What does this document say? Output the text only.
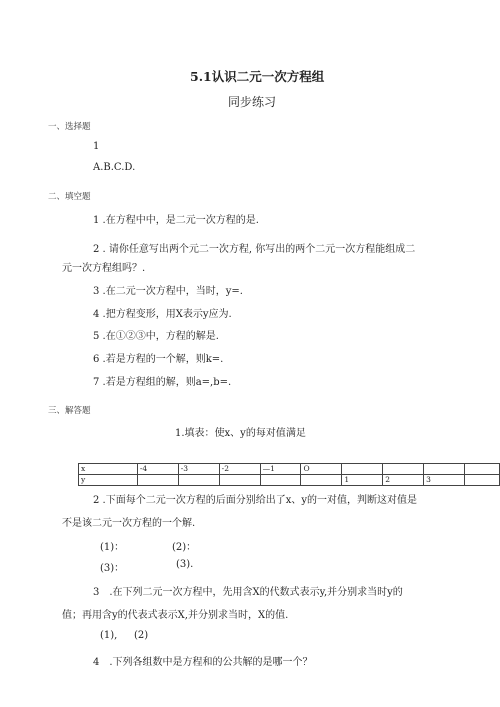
5.1认识二元一次方程组
同步练习
一、选择题
1
A.B.C.D.
二、填空题
1 .在方程中中，是二元一次方程的是.
2 . 请你任意写出两个元二一次方程, 你写出的两个二元一次方程能组成二
元一次方程组吗？.
3 .在二元一次方程中，当时，y=.
4 .把方程变形，用X表示y应为.
5 .在①②③中，方程的解是.
6 .若是方程的一个解，则k=.
7 .若是方程组的解，则a=,b=.
三、解答题
1.填表：使x、y的每对值满足
x	-4	-3	-2	—1	O				
y						1	2	3	
2 .下面每个二元一次方程的后面分别给出了x、y的一对值，判断这对值是
不是该二元一次方程的一个解.
(1)：	(2)：
(3)：	(3).
3　.在下列二元一次方程中，先用含X的代数式表示y,并分别求当时y的
值；再用含y的代表式表示X,并分别求当时，X的值.
(1), (2)
4　.下列各组数中是方程和的公共解的是哪一个？
